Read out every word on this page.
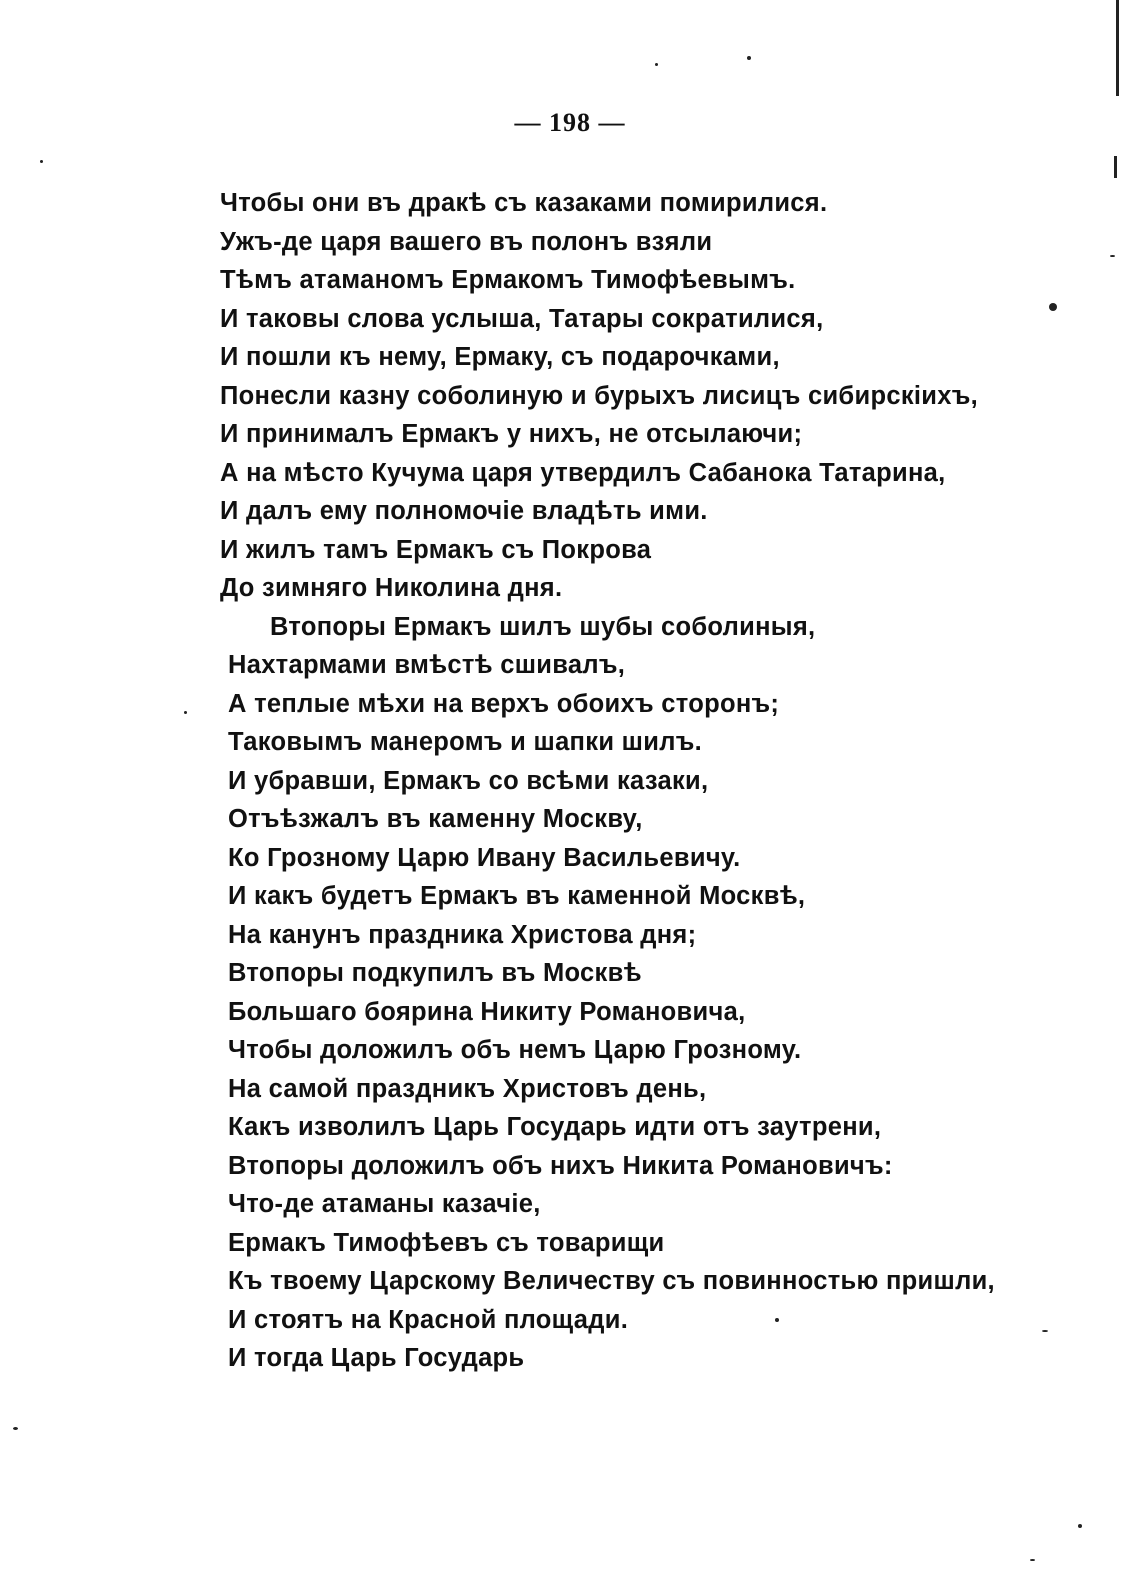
— 198 —
Чтобы они въ дракѣ съ казаками помирилися.
Ужъ-де царя вашего въ полонъ взяли
Тѣмъ атаманомъ Ермакомъ Тимофѣевымъ.
И таковы слова услыша, Татары сократилися,
И пошли къ нему, Ермаку, съ подарочками,
Понесли казну соболиную и бурыхъ лисицъ сибирскiихъ,
И принималъ Ермакъ у нихъ, не отсылаючи;
А на мѣсто Кучума царя утвердилъ Сабанока Татарина,
И далъ ему полномочiе владѣть ими.
И жилъ тамъ Ермакъ съ Покрова
До зимняго Николина дня.
Втопоры Ермакъ шилъ шубы соболиныя,
Нахтармами вмѣстѣ сшивалъ,
А теплые мѣхи на верхъ обоихъ сторонъ;
Таковымъ манеромъ и шапки шилъ.
И убравши, Ермакъ со всѣми казаки,
Отъѣзжалъ въ каменну Москву,
Ко Грозному Царю Ивану Васильевичу.
И какъ будетъ Ермакъ въ каменной Москвѣ,
На канунъ праздника Христова дня;
Втопоры подкупилъ въ Москвѣ
Большаго боярина Никиту Романовича,
Чтобы доложилъ объ немъ Царю Грозному.
На самой праздникъ Христовъ день,
Какъ изволилъ Царь Государь идти отъ заутрени,
Втопоры доложилъ объ нихъ Никита Романовичъ:
Что-де атаманы казачiе,
Ермакъ Тимофѣевъ съ товарищи
Къ твоему Царскому Величеству съ повинностью пришли,
И стоятъ на Красной площади.
И тогда Царь Государь
